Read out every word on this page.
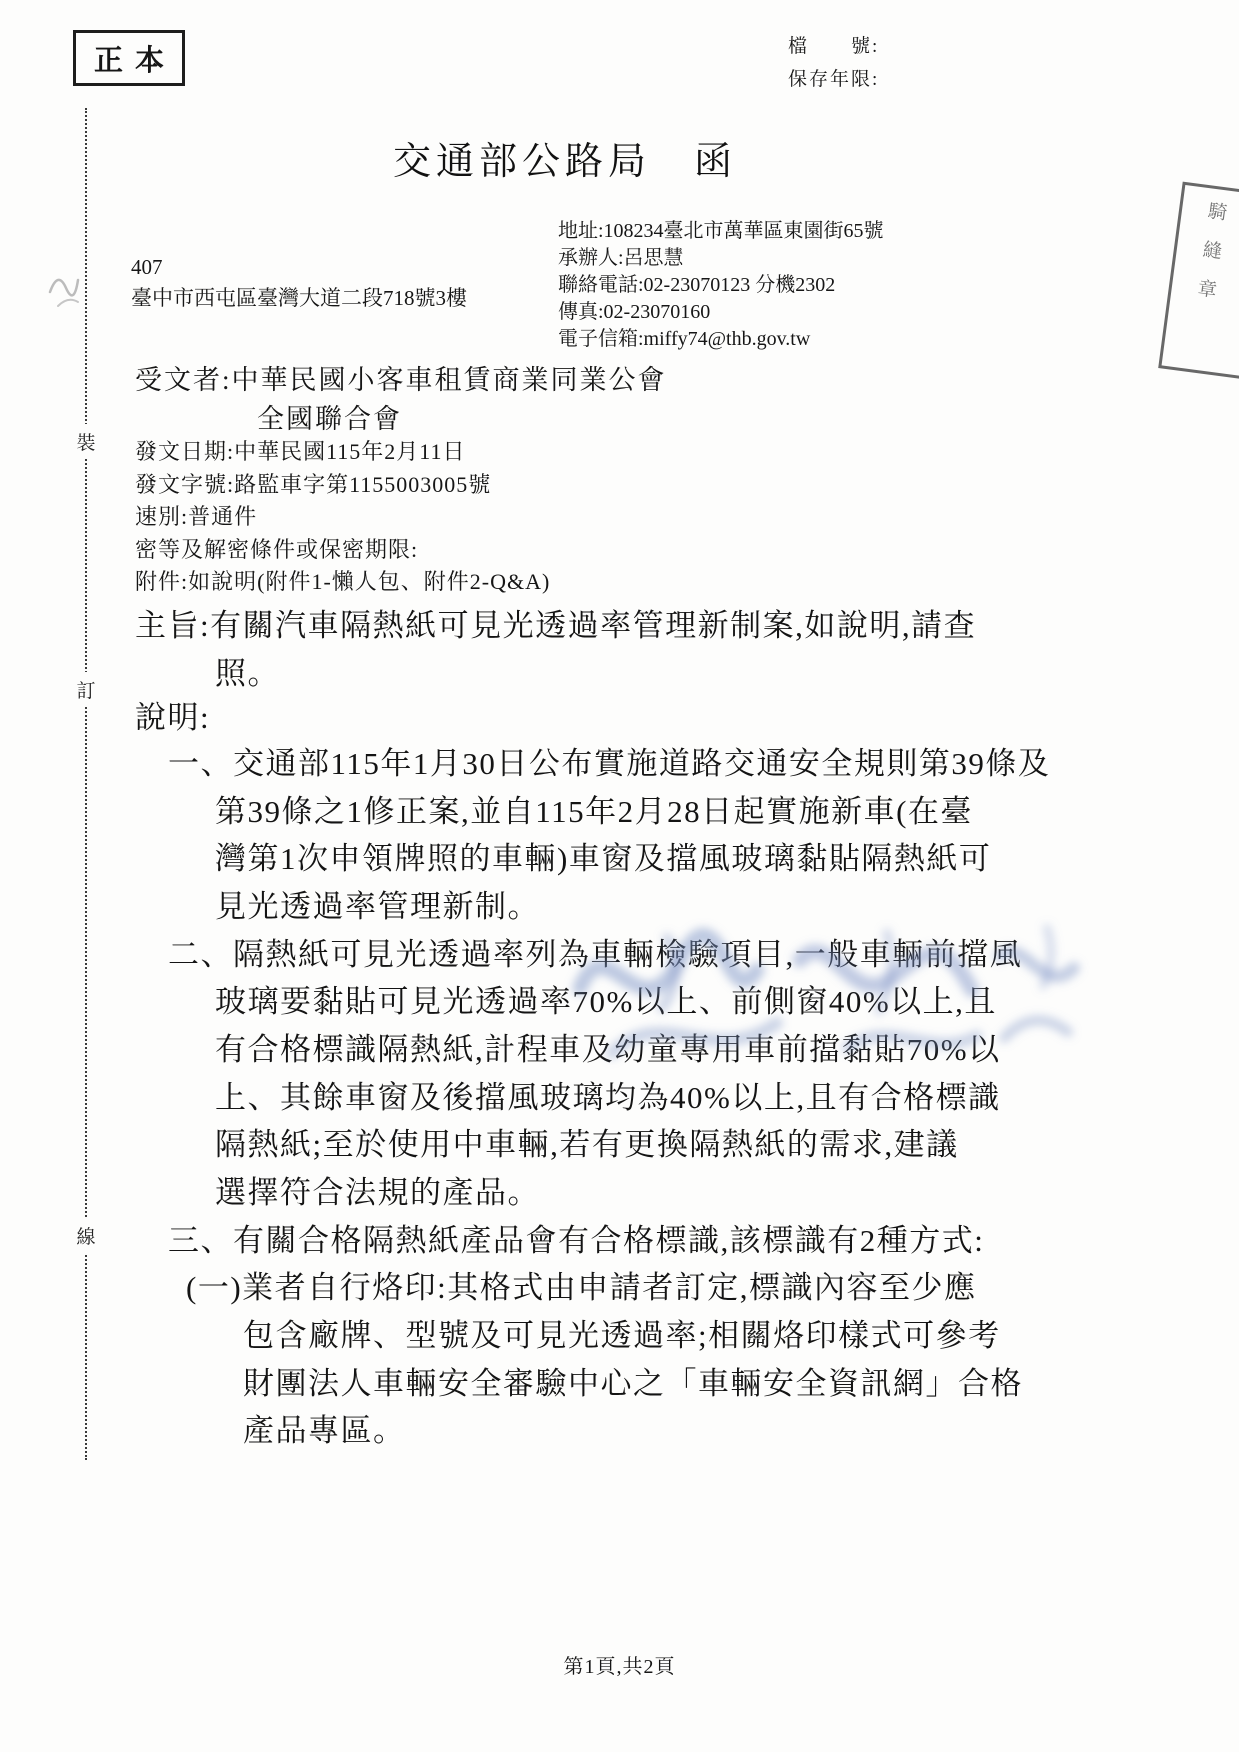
正本	檔　　號:
保存年限:
交通部公路局　函
騎縫章
裝
訂
線
407
臺中市西屯區臺灣大道二段718號3樓
地址:108234臺北市萬華區東園街65號
承辦人:呂思慧
聯絡電話:02-23070123 分機2302
傳真:02-23070160
電子信箱:miffy74@thb.gov.tw
受文者:中華民國小客車租賃商業同業公會
全國聯合會
發文日期:中華民國115年2月11日
發文字號:路監車字第1155003005號
速別:普通件
密等及解密條件或保密期限:
附件:如說明(附件1-懶人包、附件2-Q&A)
主旨:有關汽車隔熱紙可見光透過率管理新制案,如說明,請查
照。
說明:
一、交通部115年1月30日公布實施道路交通安全規則第39條及
第39條之1修正案,並自115年2月28日起實施新車(在臺
灣第1次申領牌照的車輛)車窗及擋風玻璃黏貼隔熱紙可
見光透過率管理新制。
二、隔熱紙可見光透過率列為車輛檢驗項目,一般車輛前擋風
玻璃要黏貼可見光透過率70%以上、前側窗40%以上,且
有合格標識隔熱紙,計程車及幼童專用車前擋黏貼70%以
上、其餘車窗及後擋風玻璃均為40%以上,且有合格標識
隔熱紙;至於使用中車輛,若有更換隔熱紙的需求,建議
選擇符合法規的產品。
三、有關合格隔熱紙產品會有合格標識,該標識有2種方式:
(一)業者自行烙印:其格式由申請者訂定,標識內容至少應
包含廠牌、型號及可見光透過率;相關烙印樣式可參考
財團法人車輛安全審驗中心之「車輛安全資訊網」合格
產品專區。
第1頁,共2頁
